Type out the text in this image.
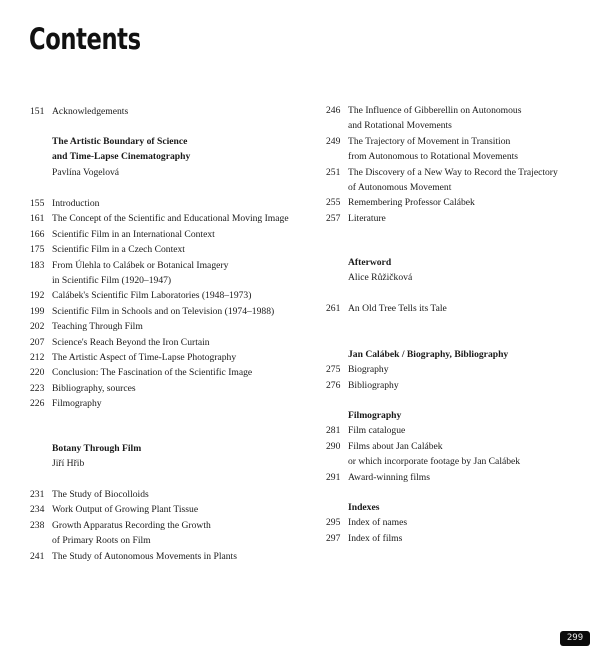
Contents
151 Acknowledgements
The Artistic Boundary of Science
and Time-Lapse Cinematography
Pavlína Vogelová
155 Introduction
161 The Concept of the Scientific and Educational Moving Image
166 Scientific Film in an International Context
175 Scientific Film in a Czech Context
183 From Úlehla to Calábek or Botanical Imagery
in Scientific Film (1920–1947)
192 Calábek's Scientific Film Laboratories (1948–1973)
199 Scientific Film in Schools and on Television (1974–1988)
202 Teaching Through Film
207 Science's Reach Beyond the Iron Curtain
212 The Artistic Aspect of Time-Lapse Photography
220 Conclusion: The Fascination of the Scientific Image
223 Bibliography, sources
226 Filmography
Botany Through Film
Jiří Hřib
231 The Study of Biocolloids
234 Work Output of Growing Plant Tissue
238 Growth Apparatus Recording the Growth
of Primary Roots on Film
241 The Study of Autonomous Movements in Plants
246 The Influence of Gibberellin on Autonomous
and Rotational Movements
249 The Trajectory of Movement in Transition
from Autonomous to Rotational Movements
251 The Discovery of a New Way to Record the Trajectory
of Autonomous Movement
255 Remembering Professor Calábek
257 Literature
Afterword
Alice Růžičková
261 An Old Tree Tells its Tale
Jan Calábek / Biography, Bibliography
275 Biography
276 Bibliography
Filmography
281 Film catalogue
290 Films about Jan Calábek
or which incorporate footage by Jan Calábek
291 Award-winning films
Indexes
295 Index of names
297 Index of films
299
